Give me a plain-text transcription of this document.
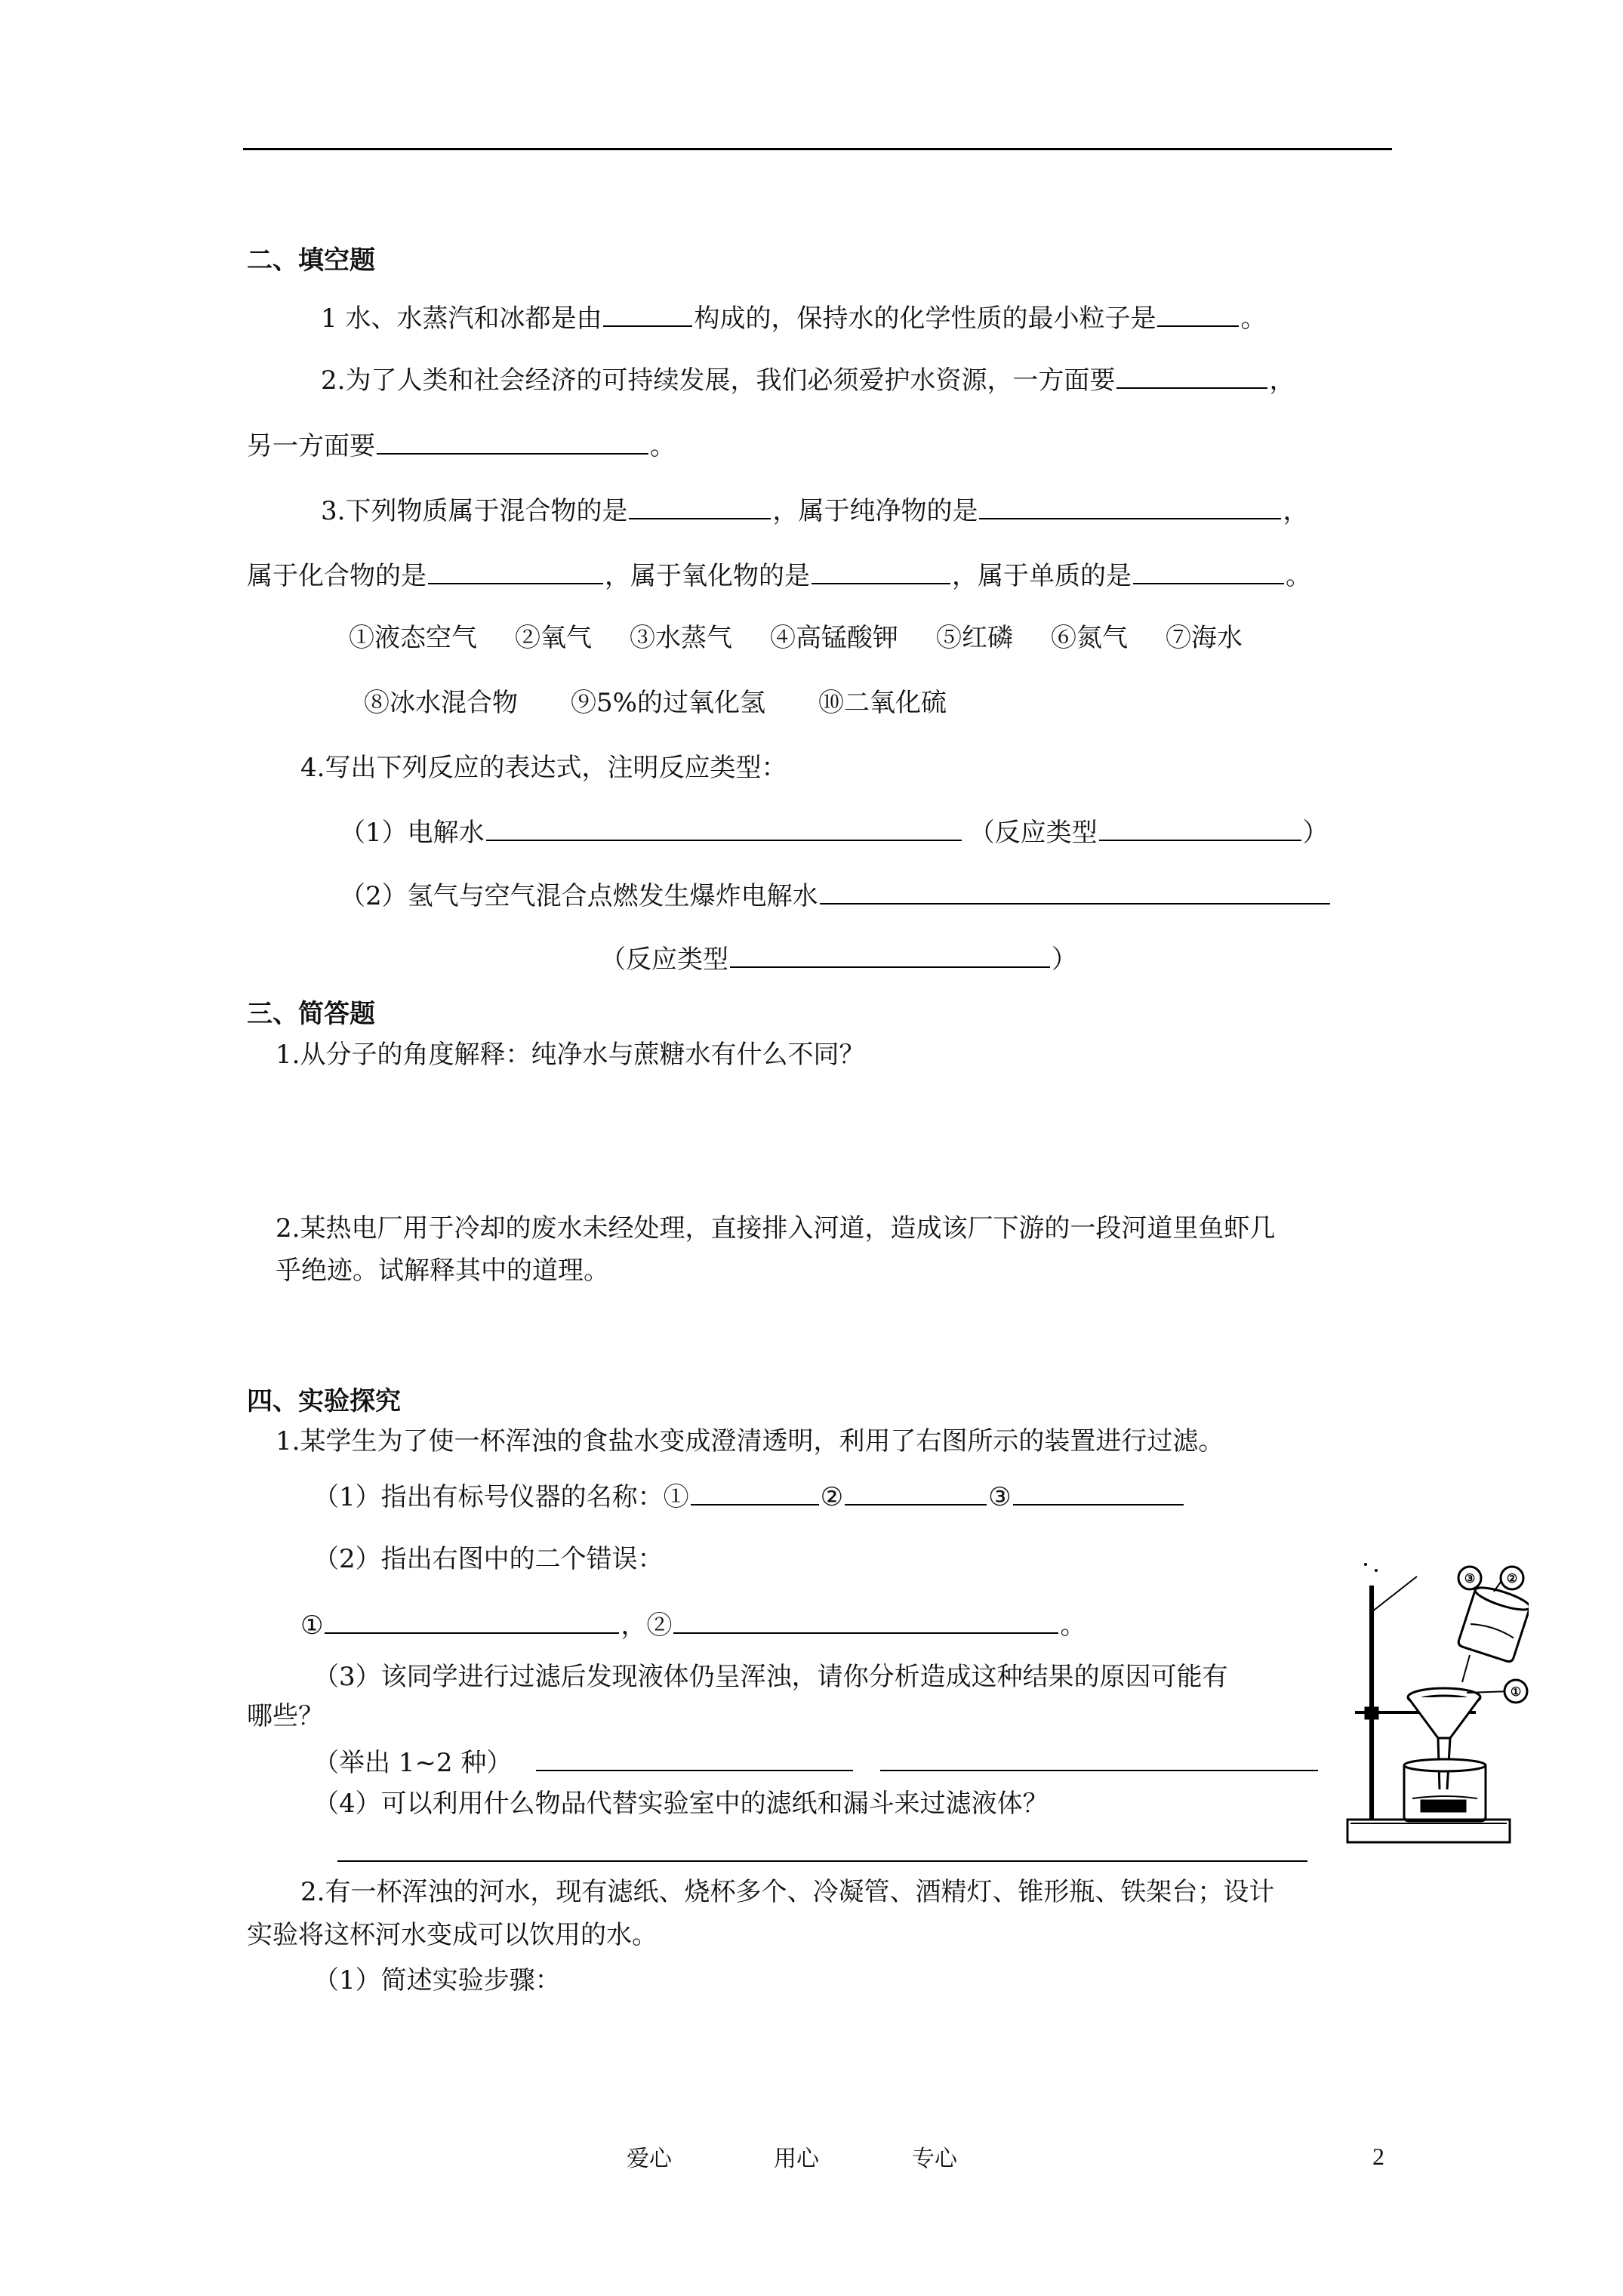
二、填空题
1 水、水蒸汽和冰都是由	构成的，保持水的化学性质的最小粒子是	。
2.为了人类和社会经济的可持续发展，我们必须爱护水资源，一方面要	，
另一方面要	。
3.下列物质属于混合物的是	，属于纯净物的是	，
属于化合物的是	，属于氧化物的是	，属于单质的是	。
①液态空气 ②氧气 ③水蒸气 ④高锰酸钾 ⑤红磷 ⑥氮气 ⑦海水
⑧冰水混合物 ⑨5%的过氧化氢 ⑩二氧化硫
4.写出下列反应的表达式，注明反应类型：
（1）电解水	（反应类型	）
（2）氢气与空气混合点燃发生爆炸电解水
（反应类型	）
三、简答题
1.从分子的角度解释：纯净水与蔗糖水有什么不同？
2.某热电厂用于冷却的废水未经处理，直接排入河道，造成该厂下游的一段河道里鱼虾几
乎绝迹。试解释其中的道理。
四、实验探究
1.某学生为了使一杯浑浊的食盐水变成澄清透明，利用了右图所示的装置进行过滤。
（1）指出有标号仪器的名称：①	②	③
（2）指出右图中的二个错误：
①	，②	。
（3）该同学进行过滤后发现液体仍呈浑浊，请你分析造成这种结果的原因可能有
哪些？
（举出 1~2 种）
（4）可以利用什么物品代替实验室中的滤纸和漏斗来过滤液体？
2.有一杯浑浊的河水，现有滤纸、烧杯多个、冷凝管、酒精灯、锥形瓶、铁架台；设计
实验将这杯河水变成可以饮用的水。
（1）简述实验步骤：
③	②
①
爱心	用心	专心	2
